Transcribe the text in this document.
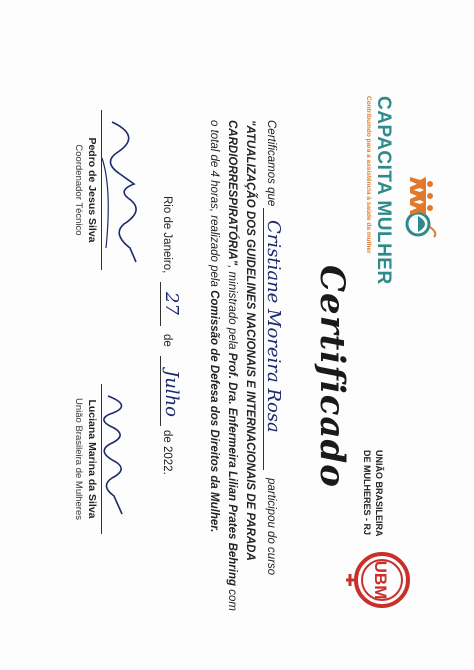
CAPACITA MULHER
Contribuindo para a assistência à saúde da mulher
UNIÃO BRASILEIRA
DE MULHERES - RJ
UBM
Certificado
Certificamos que
Cristiane Moreira Rosa
participou do curso
"ATUALIZAÇÃO DOS GUIDELINES NACIONAIS E INTERNACIONAIS DE PARADA
CARDIORRESPIRATÓRIA", ministrado pela Prof. Dra. Enfermeira Lilian Prates Behring com
o total de 4 horas, realizado pela Comissão de Defesa dos Direitos da Mulher.
Rio de Janeiro,
27
de
Julho
de 2022.
Pedro de Jesus Silva
Coordenador Técnico
Luciana Marina da Silva
União Brasileira de Mulheres
